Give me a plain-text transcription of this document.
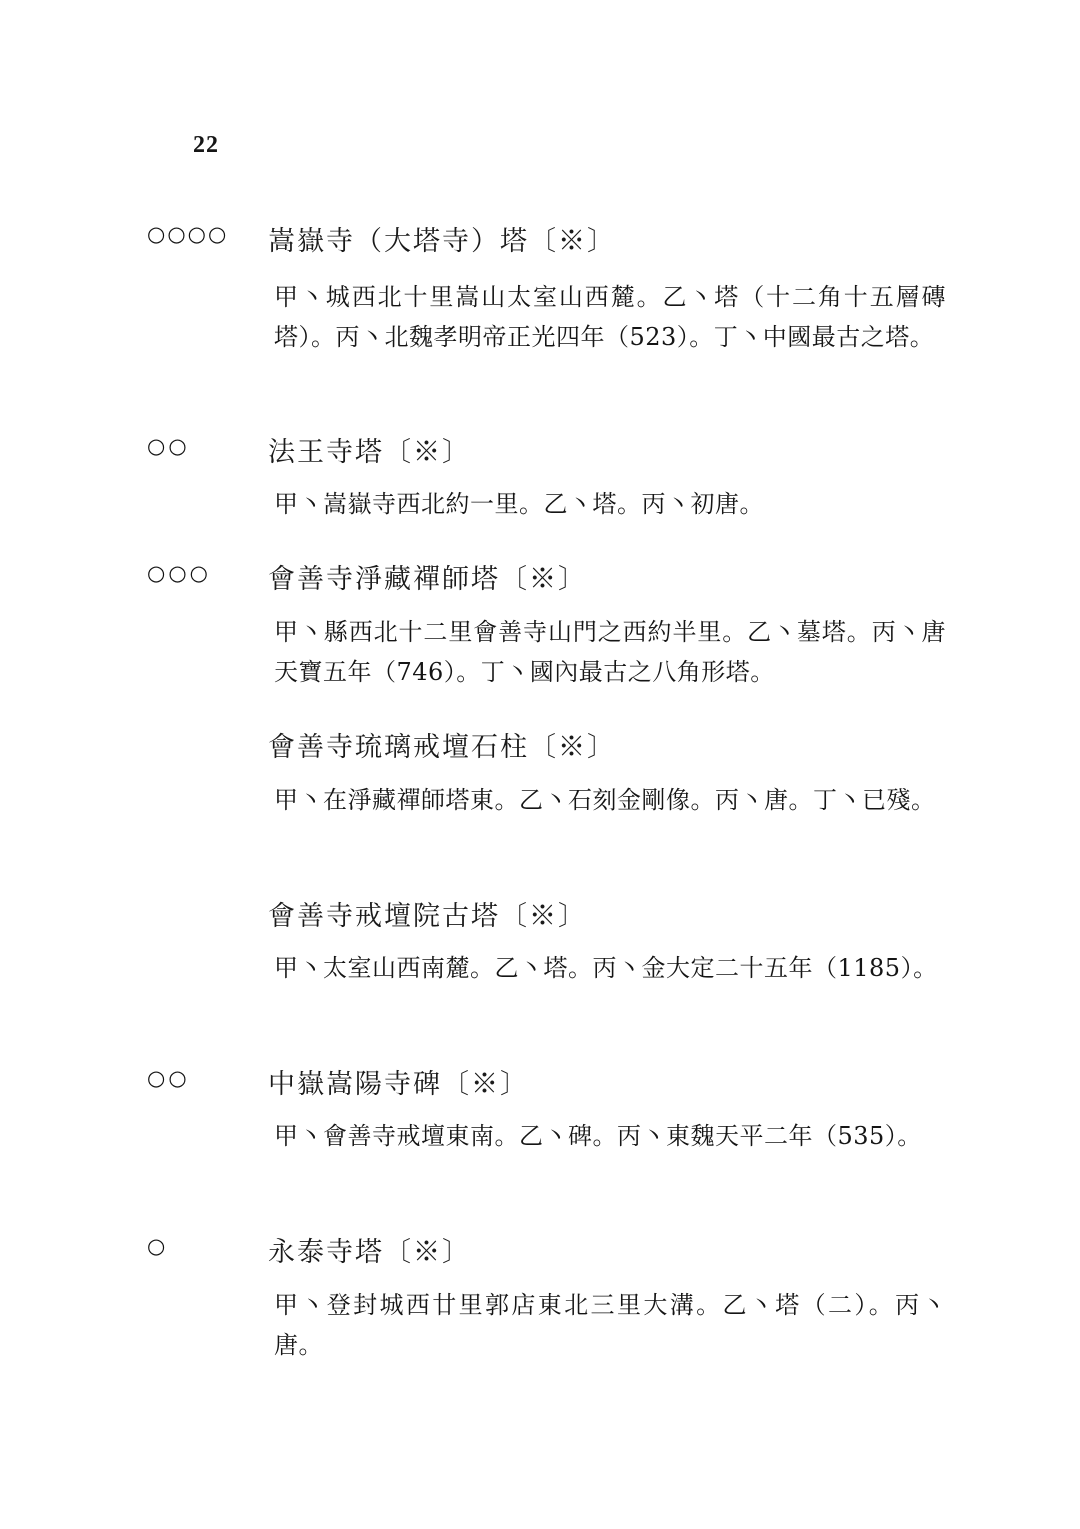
22
○○○○ 嵩嶽寺（大塔寺）塔〔※〕
甲丶城西北十里嵩山太室山西麓。乙丶塔（十二角十五層磚塔）。丙丶北魏孝明帝正光四年（523）。丁丶中國最古之塔。
○○	法王寺塔〔※〕
甲丶嵩嶽寺西北約一里。乙丶塔。丙丶初唐。
○○○ 會善寺淨藏禪師塔〔※〕
甲丶縣西北十二里會善寺山門之西約半里。乙丶墓塔。丙丶唐天寶五年（746）。丁丶國內最古之八角形塔。
會善寺琉璃戒壇石柱〔※〕
甲丶在淨藏禪師塔東。乙丶石刻金剛像。丙丶唐。丁丶已殘。
會善寺戒壇院古塔〔※〕
甲丶太室山西南麓。乙丶塔。丙丶金大定二十五年（1185）。
○○	中嶽嵩陽寺碑〔※〕
甲丶會善寺戒壇東南。乙丶碑。丙丶東魏天平二年（535）。
○	永泰寺塔〔※〕
甲丶登封城西廿里郭店東北三里大溝。乙丶塔（二）。丙丶唐。
